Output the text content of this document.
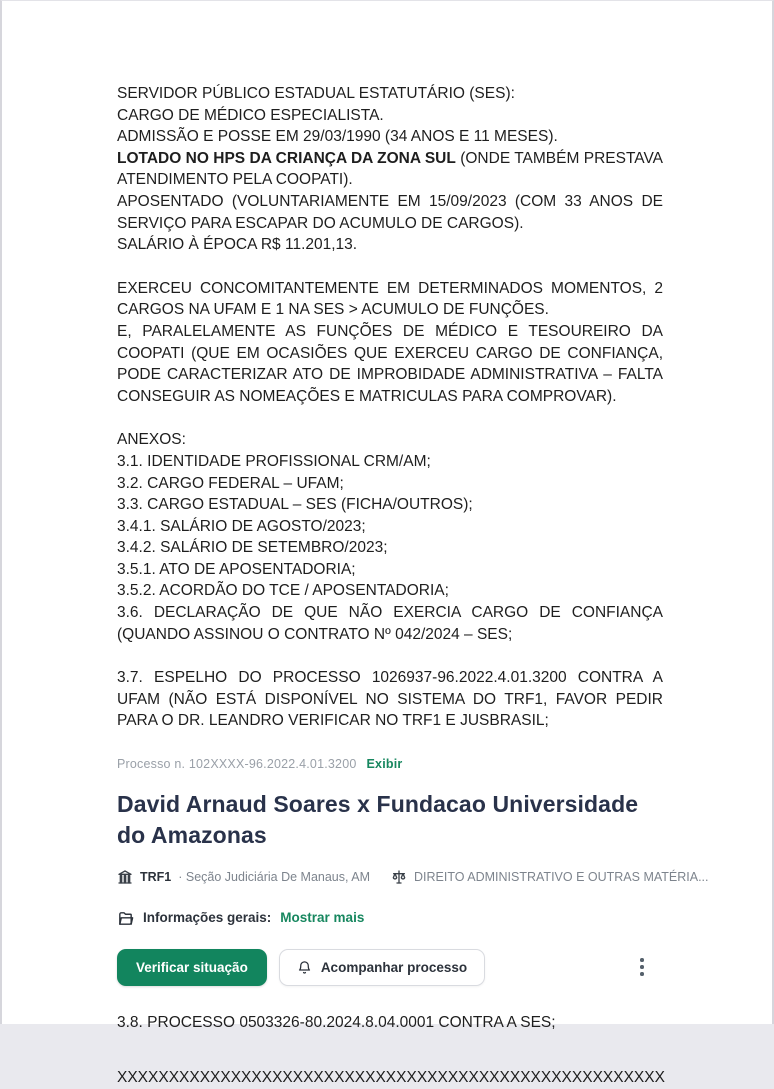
SERVIDOR PÚBLICO ESTADUAL ESTATUTÁRIO (SES):
CARGO DE MÉDICO ESPECIALISTA.
ADMISSÃO E POSSE EM 29/03/1990 (34 ANOS E 11 MESES).
LOTADO NO HPS DA CRIANÇA DA ZONA SUL (ONDE TAMBÉM PRESTAVA ATENDIMENTO PELA COOPATI).
APOSENTADO (VOLUNTARIAMENTE EM 15/09/2023 (COM 33 ANOS DE SERVIÇO PARA ESCAPAR DO ACUMULO DE CARGOS).
SALÁRIO À ÉPOCA R$ 11.201,13.
EXERCEU CONCOMITANTEMENTE EM DETERMINADOS MOMENTOS, 2 CARGOS NA UFAM E 1 NA SES > ACUMULO DE FUNÇÕES.
E, PARALELAMENTE AS FUNÇÕES DE MÉDICO E TESOUREIRO DA COOPATI (QUE EM OCASIÕES QUE EXERCEU CARGO DE CONFIANÇA, PODE CARACTERIZAR ATO DE IMPROBIDADE ADMINISTRATIVA – FALTA CONSEGUIR AS NOMEAÇÕES E MATRICULAS PARA COMPROVAR).
ANEXOS:
3.1. IDENTIDADE PROFISSIONAL CRM/AM;
3.2. CARGO FEDERAL – UFAM;
3.3. CARGO ESTADUAL – SES (FICHA/OUTROS);
3.4.1. SALÁRIO DE AGOSTO/2023;
3.4.2. SALÁRIO DE SETEMBRO/2023;
3.5.1. ATO DE APOSENTADORIA;
3.5.2. ACORDÃO DO TCE / APOSENTADORIA;
3.6. DECLARAÇÃO DE QUE NÃO EXERCIA CARGO DE CONFIANÇA (QUANDO ASSINOU O CONTRATO Nº 042/2024 – SES;
3.7. ESPELHO DO PROCESSO 1026937-96.2022.4.01.3200 CONTRA A UFAM (NÃO ESTÁ DISPONÍVEL NO SISTEMA DO TRF1, FAVOR PEDIR PARA O DR. LEANDRO VERIFICAR NO TRF1 E JUSBRASIL;
Processo n. 102XXXX-96.2022.4.01.3200 Exibir
David Arnaud Soares x Fundacao Universidade do Amazonas
TRF1 · Seção Judiciária De Manaus, AM	DIREITO ADMINISTRATIVO E OUTRAS MATÉRIA...
Informações gerais: Mostrar mais
Verificar situação	Acompanhar processo
3.8. PROCESSO 0503326-80.2024.8.04.0001 CONTRA A SES;
XXXXXXXXXXXXXXXXXXXXXXXXXXXXXXXXXXXXXXXXXXXXXXXXXXXXX
